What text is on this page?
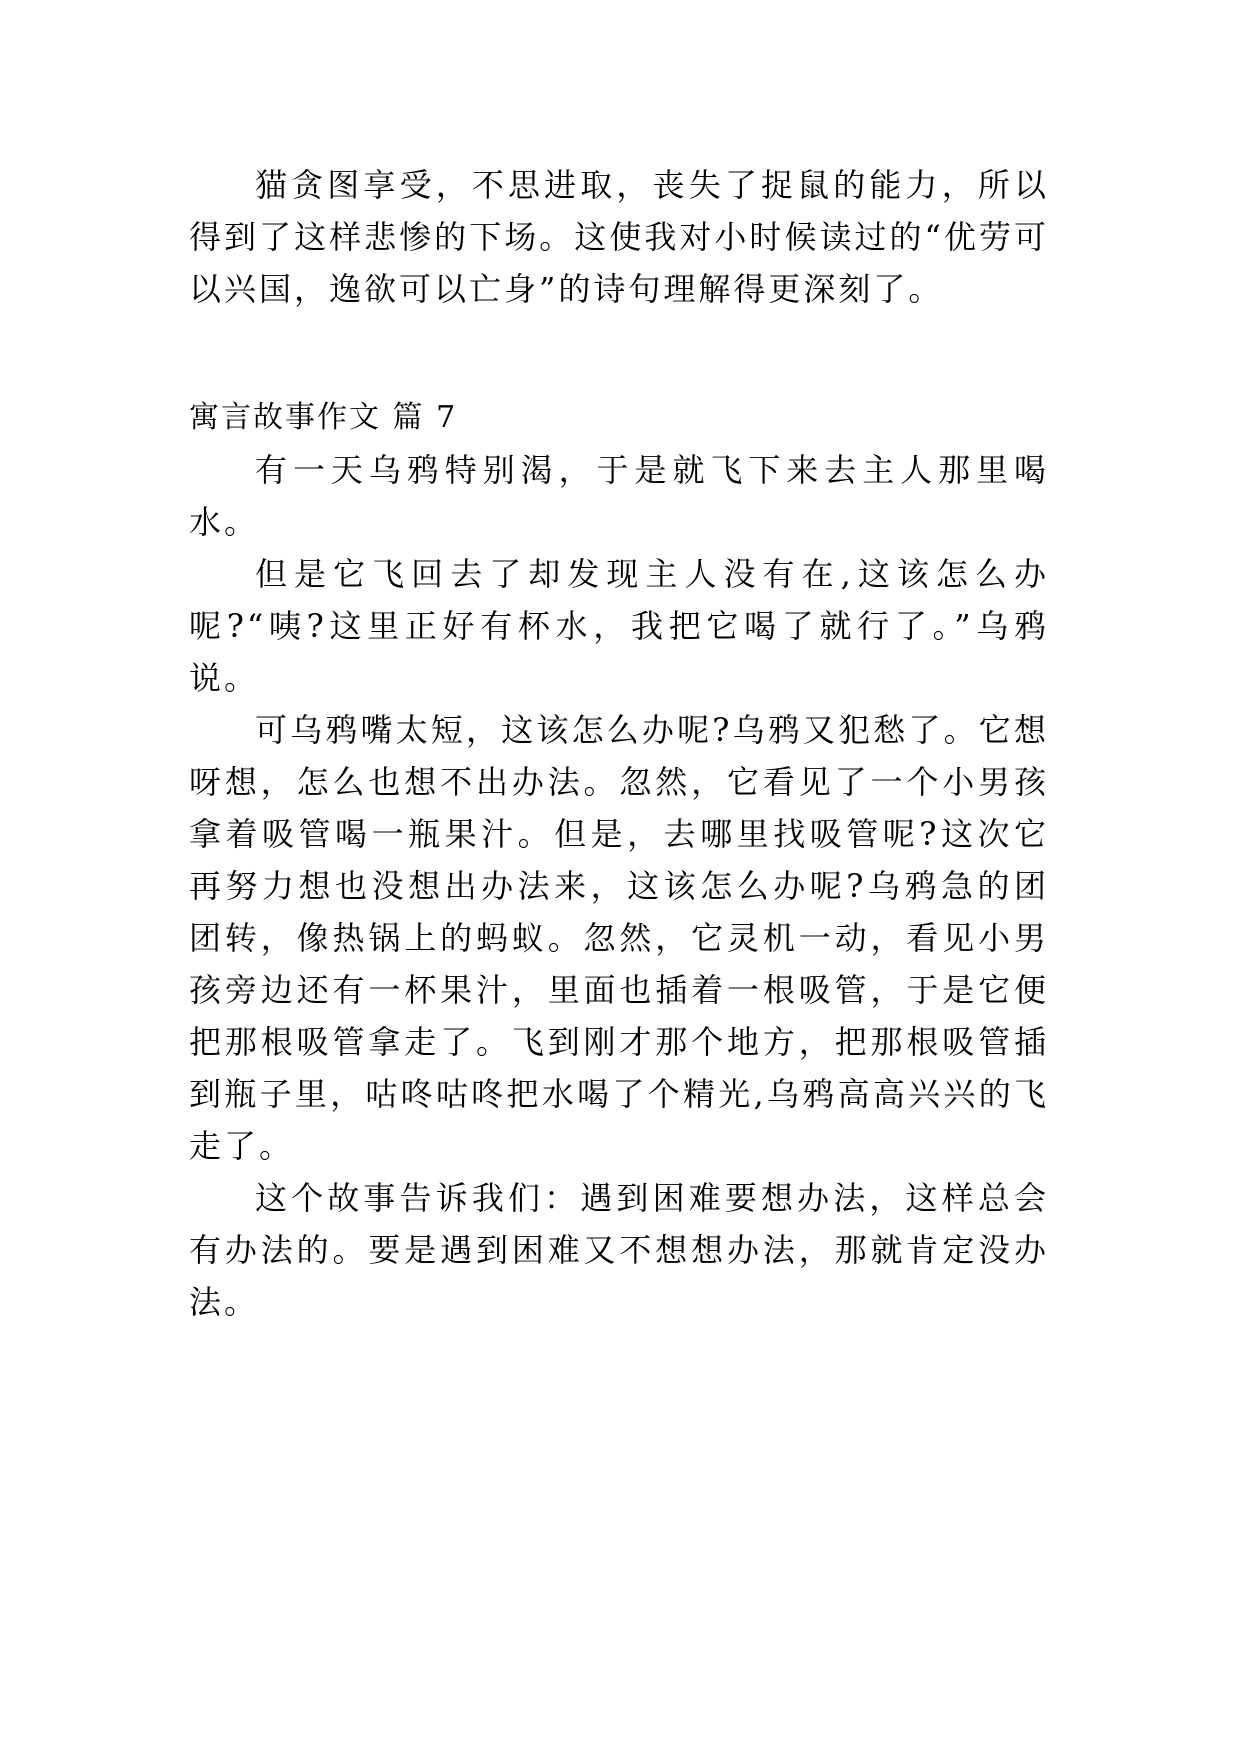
猫贪图享受，不思进取，丧失了捉鼠的能力，所以得到了这样悲惨的下场。这使我对小时候读过的“优劳可以兴国，逸欲可以亡身”的诗句理解得更深刻了。

寓言故事作文 篇 7

有一天乌鸦特别渴，于是就飞下来去主人那里喝水。

但是它飞回去了却发现主人没有在,这该怎么办呢?“咦?这里正好有杯水，我把它喝了就行了。”乌鸦说。

可乌鸦嘴太短，这该怎么办呢?乌鸦又犯愁了。它想呀想，怎么也想不出办法。忽然，它看见了一个小男孩拿着吸管喝一瓶果汁。但是，去哪里找吸管呢?这次它再努力想也没想出办法来，这该怎么办呢?乌鸦急的团团转，像热锅上的蚂蚁。忽然，它灵机一动，看见小男孩旁边还有一杯果汁，里面也插着一根吸管，于是它便把那根吸管拿走了。飞到刚才那个地方，把那根吸管插到瓶子里，咕咚咕咚把水喝了个精光,乌鸦高高兴兴的飞走了。

这个故事告诉我们：遇到困难要想办法，这样总会有办法的。要是遇到困难又不想想办法，那就肯定没办法。
